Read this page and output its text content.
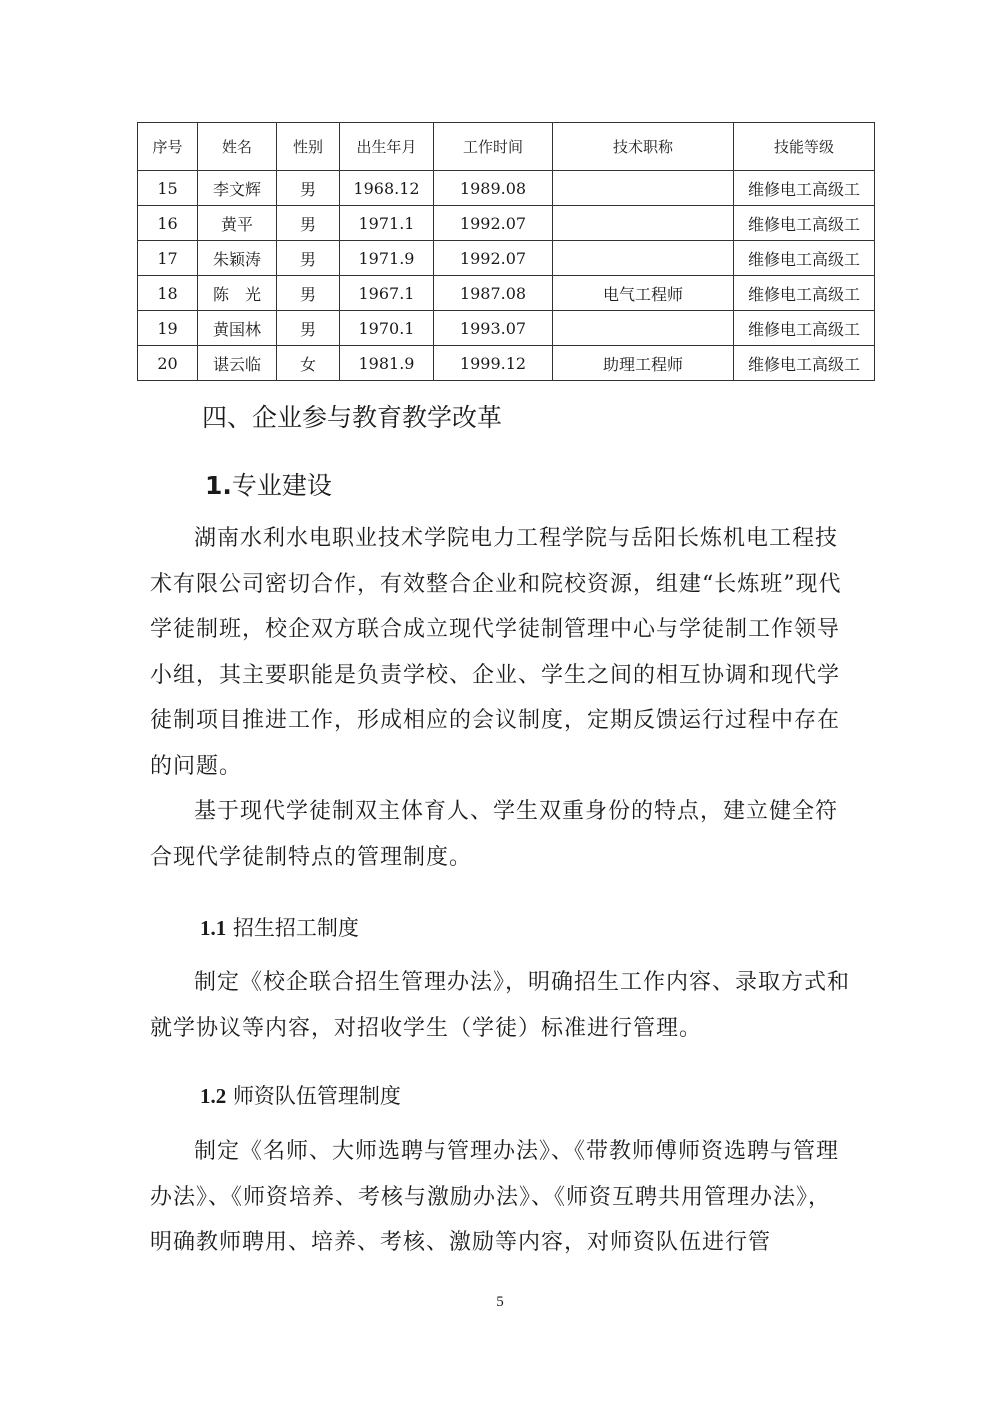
序号	姓名	性别	出生年月	工作时间	技术职称	技能等级
15	李文辉	男	1968.12	1989.08		维修电工高级工
16	黄平	男	1971.1	1992.07		维修电工高级工
17	朱颖涛	男	1971.9	1992.07		维修电工高级工
18	陈　光	男	1967.1	1987.08	电气工程师	维修电工高级工
19	黄国林	男	1970.1	1993.07		维修电工高级工
20	谌云临	女	1981.9	1999.12	助理工程师	维修电工高级工
四、企业参与教育教学改革
1.专业建设

湖南水利水电职业技术学院电力工程学院与岳阳长炼机电工程技术有限公司密切合作，有效整合企业和院校资源，组建“长炼班”现代学徒制班，校企双方联合成立现代学徒制管理中心与学徒制工作领导小组，其主要职能是负责学校、企业、学生之间的相互协调和现代学徒制项目推进工作，形成相应的会议制度，定期反馈运行过程中存在的问题。

基于现代学徒制双主体育人、学生双重身份的特点，建立健全符合现代学徒制特点的管理制度。

1.1 招生招工制度

制定《校企联合招生管理办法》，明确招生工作内容、录取方式和就学协议等内容，对招收学生（学徒）标准进行管理。

1.2 师资队伍管理制度

制定《名师、大师选聘与管理办法》、《带教师傅师资选聘与管理办法》、《师资培养、考核与激励办法》、《师资互聘共用管理办法》，明确教师聘用、培养、考核、激励等内容，对师资队伍进行管

5
